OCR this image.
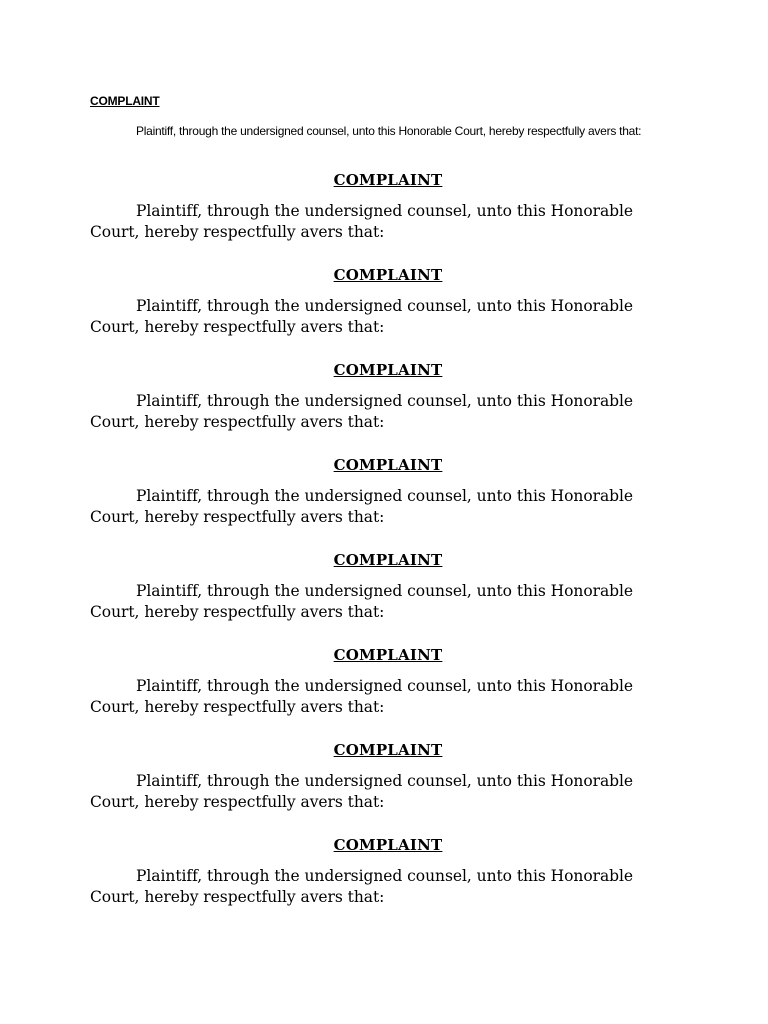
COMPLAINT

Plaintiff, through the undersigned counsel, unto this Honorable Court, hereby respectfully avers that:

COMPLAINT

Plaintiff, through the undersigned counsel, unto this Honorable Court, hereby respectfully avers that:

COMPLAINT

Plaintiff, through the undersigned counsel, unto this Honorable Court, hereby respectfully avers that:

COMPLAINT

Plaintiff, through the undersigned counsel, unto this Honorable Court, hereby respectfully avers that:

COMPLAINT

Plaintiff, through the undersigned counsel, unto this Honorable Court, hereby respectfully avers that:

COMPLAINT

Plaintiff, through the undersigned counsel, unto this Honorable Court, hereby respectfully avers that:

COMPLAINT

Plaintiff, through the undersigned counsel, unto this Honorable Court, hereby respectfully avers that:

COMPLAINT

Plaintiff, through the undersigned counsel, unto this Honorable Court, hereby respectfully avers that:

COMPLAINT

Plaintiff, through the undersigned counsel, unto this Honorable Court, hereby respectfully avers that:
